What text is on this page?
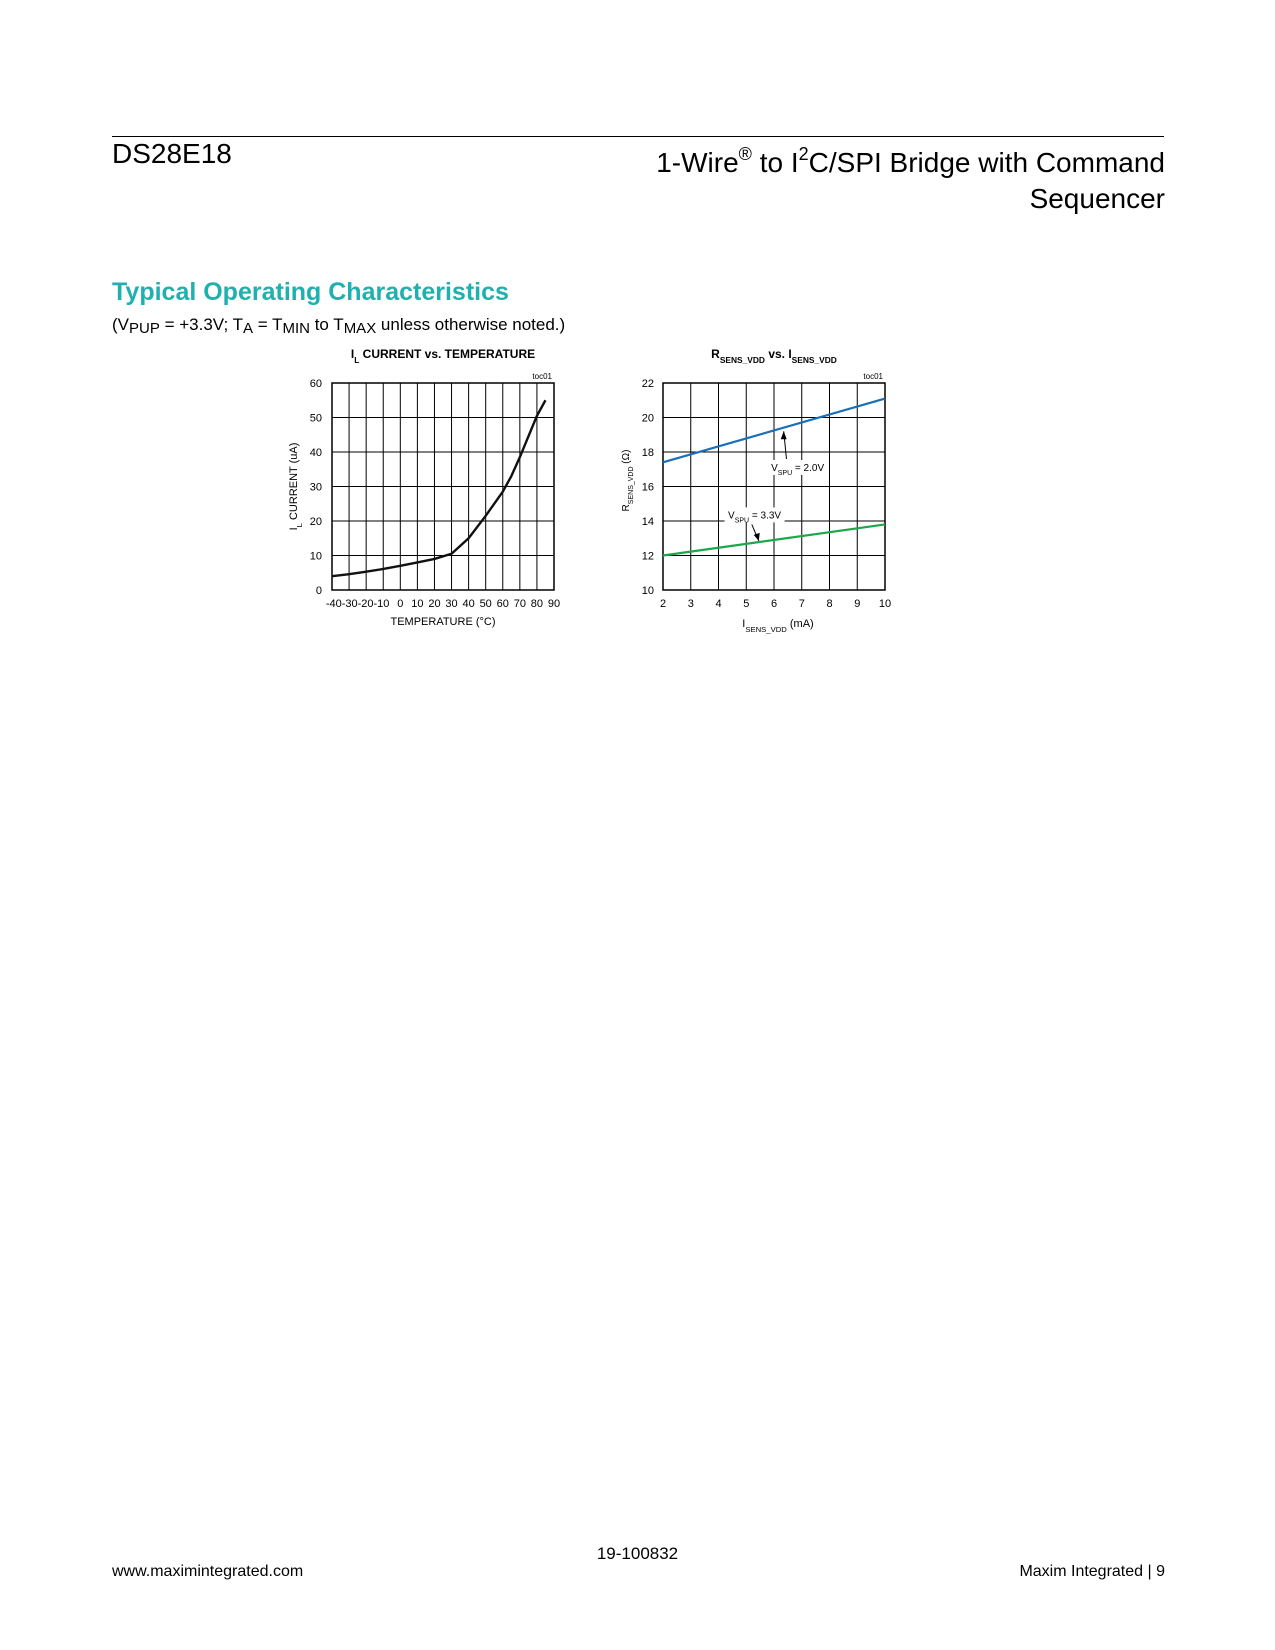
DS28E18	1-Wire® to $I^2C$/SPI Bridge with Command Sequencer
Typical Operating Characteristics
($V_{PUP} = +3.3V$; $T_A = T_{MIN}$ to $T_{MAX}$ unless otherwise noted.)
$I_L$ CURRENT vs. TEMPERATURE
toc01
0
10
20
30
40
50
60
-40-30-20-10 0 10 20 30 40 50 60 70 80 90
TEMPERATURE (°C)
$I_L$ CURRENT (uA)
$R_{SENS\_VDD}$ vs. $I_{SENS\_VDD}$
toc01
2 3 4 5 6 7 8 9 10
10
12
14
16
18
20
22
$I_{SENS\_VDD}$ (mA)
$R_{SENS\_VDD}$ (Ω)
$V_{SPU} = 2.0V$
$V_{SPU} = 3.3V$
19-100832
www.maximintegrated.com	Maxim Integrated | 9
